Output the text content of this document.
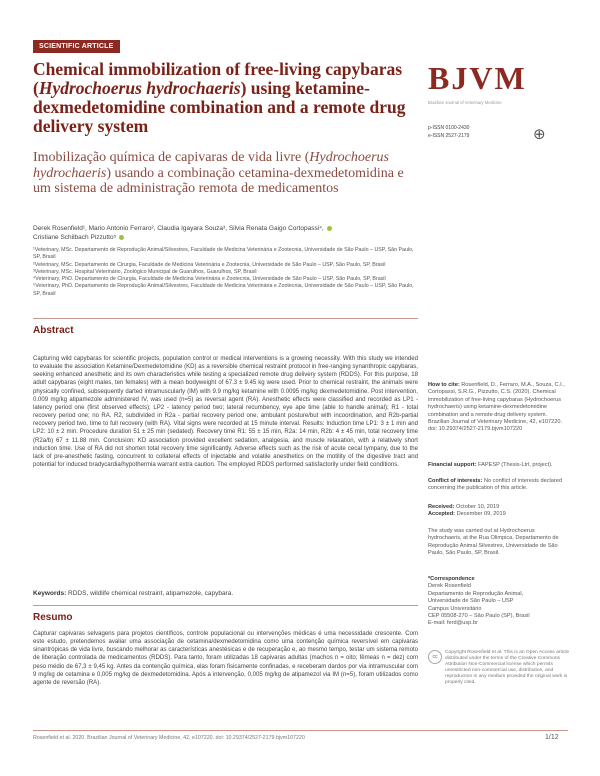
SCIENTIFIC ARTICLE
Chemical immobilization of free-living capybaras (Hydrochoerus hydrochaeris) using ketamine-dexmedetomidine combination and a remote drug delivery system
Imobilização química de capivaras de vida livre (Hydrochoerus hydrochaeris) usando a combinação cetamina-dexmedetomidina e um sistema de administração remota de medicamentos
BJVM
Brazilian Journal of Veterinary Medicine
p-ISSN 0100-2430
e-ISSN 2527-2179	⊕
Derek Rosenfield¹, Mario Antonio Ferraro², Claudia Igayara Souza³, Silvia Renata Gaigo Cortopassi⁴,
Cristiane Schilbach Pizzutto⁵

¹Veterinary, MSc. Departamento de Reprodução Animal/Silvestres, Faculdade de Medicina Veterinária e Zootecnia, Universidade de São Paulo – USP, São Paulo, SP, Brasil

²Veterinary, MSc. Departamento de Cirurgia, Faculdade de Medicina Veterinária e Zootecnia, Universidade de São Paulo – USP, São Paulo, SP, Brasil

³Veterinary, MSc. Hospital Veterinário, Zoológico Municipal de Guarulhos, Guarulhos, SP, Brasil

⁴Veterinary, PhD. Departamento de Cirurgia, Faculdade de Medicina Veterinária e Zootecnia, Universidade de São Paulo – USP, São Paulo, SP, Brasil

⁵Veterinary, PhD. Departamento de Reprodução Animal/Silvestres, Faculdade de Medicina Veterinária e Zootecnia, Universidade de São Paulo – USP, São Paulo, SP, Brasil

Abstract
Capturing wild capybaras for scientific projects, population control or medical interventions is a growing necessity. With this study we intended to evaluate the association Ketamine/Dexmedetomidine (KD) as a reversible chemical restraint protocol in free-ranging synanthropic capybaras, seeking enhanced anesthetic and its own characteristics while testing a specialized remote drug delivery system (RDDS). For this purpose, 18 adult capybaras (eight males, ten females) with a mean bodyweight of 67.3 ± 9.45 kg were used. Prior to chemical restraint, the animals were physically confined, subsequently darted intramuscularly (IM) with 9.9 mg/kg ketamine with 0.0095 mg/kg dexmedetomidine. Post intervention, 0.009 mg/kg atipamezole administered IV, was used (n=5) as reversal agent (RA). Anesthetic effects were classified and recorded as LP1 - latency period one (first observed effects); LP2 - latency period two; lateral recumbency, eye ape time (able to handle animal); R1 - total recovery period one; no RA. R2, subdivided in R2a - partial recovery period one, ambulant posture/but with incoordination, and R2b-partial recovery period two, time to full recovery (with RA). Vital signs were recorded at 15 minute interval. Results: Induction time LP1: 3 ± 1 min and LP2: 10 ± 2 min. Procedure duration 51 ± 25 min (sedated). Recovery time R1: 55 ± 15 min, R2a: 14 min, R2b: 4 ± 45 min, total recovery time (R2a/b) 67 ± 11.88 min. Conclusion: KD association provided excellent sedation, analgesia, and muscle relaxation, with a relatively short induction time. Use of RA did not shorten total recovery time significantly. Adverse effects such as the risk of acute cecal tympany, due to the lack of pre-anesthetic fasting, concurrent to collateral effects of injectable and volatile anesthetics on the motility of the digestive tract and potential for induced bradycardia/hypothermia warrant extra caution. The employed RDDS performed satisfactorily under field conditions.
Keywords: RDDS, wildlife chemical restraint, atipamezole, capybara.
Resumo
Capturar capivaras selvagens para projetos científicos, controle populacional ou intervenções médicas é uma necessidade crescente. Com este estudo, pretendemos avaliar uma associação de cetamina/dexmedetomidina como uma contenção química reversível em capivaras sinantrópicas de vida livre, buscando melhorar as características anestésicas e de recuperação e, ao mesmo tempo, testar um sistema remoto de liberação controlada de medicamentos (RDDS). Para tanto, foram utilizadas 18 capivaras adultas (machos n = oito; fêmeas n = dez) com peso médio de 67,3 ± 9,45 kg. Antes da contenção química, elas foram fisicamente confinadas, e receberam dardos por via intramuscular com 9 mg/kg de cetamina e 0,005 mg/kg de dexmedetomidina. Após a intervenção, 0,005 mg/kg de atipamezol via IM (n=5), foram utilizados como agente de reversão (RA).
How to cite: Rosenfield, D., Ferraro, M.A., Souza, C.I., Cortopassi, S.R.G., Pizzutto, C.S. (2020). Chemical immobilization of free-living capybaras (Hydrochoerus hydrochaeris) using ketamine-dexmedetomidine combination and a remote drug delivery system. Brazilian Journal of Veterinary Medicine, 42, e107220. doi: 10.29374/2527-2179.bjvm107220
Financial support: FAPESP (Thesis-Ltrl, project).
Conflict of interests: No conflict of interests declared concerning the publication of this article.

Received: October 10, 2019

Accepted: December 09, 2019

The study was carried out at Hydrochoerus hydrochaeris, at the Rua Olimpica, Departamento de Reprodução Animal Silvestres, Universidade de São Paulo, São Paulo, SP, Brasil.

*Correspondence

Derek Rosenfield

Departamento de Reprodução Animal,

Universidade de São Paulo – USP

Campus Universitário

CEP 05508-270 – São Paulo (SP), Brasil

E-mail: ferd@usp.br

cc
Copyright Rosenfield et al. This is an Open Access article distributed under the terms of the Creative Commons Attribution Non-Commercial license which permits unrestricted non-commercial use, distribution, and reproduction in any medium provided the original work is properly cited.
Rosenfield et al. 2020. Brazilian Journal of Veterinary Medicine, 42, e107220. doi: 10.29374/2527-2179.bjvm107220	1/12
